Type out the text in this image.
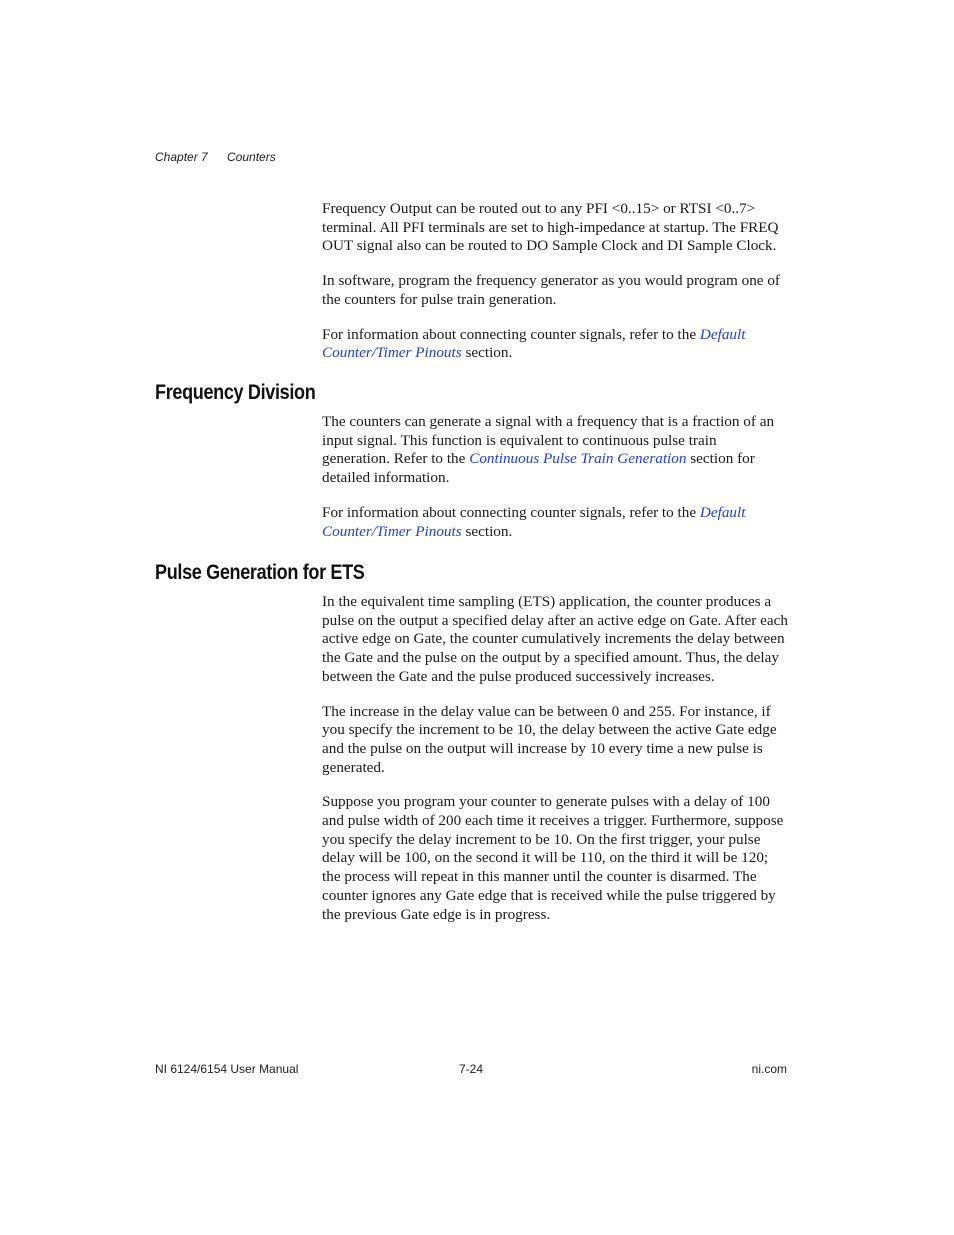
Chapter 7 Counters

Frequency Output can be routed out to any PFI <0..15> or RTSI <0..7> terminal. All PFI terminals are set to high-impedance at startup. The FREQ OUT signal also can be routed to DO Sample Clock and DI Sample Clock.

In software, program the frequency generator as you would program one of the counters for pulse train generation.

For information about connecting counter signals, refer to the Default Counter/Timer Pinouts section.

Frequency Division

The counters can generate a signal with a frequency that is a fraction of an input signal. This function is equivalent to continuous pulse train generation. Refer to the Continuous Pulse Train Generation section for detailed information.

For information about connecting counter signals, refer to the Default Counter/Timer Pinouts section.

Pulse Generation for ETS

In the equivalent time sampling (ETS) application, the counter produces a pulse on the output a specified delay after an active edge on Gate. After each active edge on Gate, the counter cumulatively increments the delay between the Gate and the pulse on the output by a specified amount. Thus, the delay between the Gate and the pulse produced successively increases.

The increase in the delay value can be between 0 and 255. For instance, if you specify the increment to be 10, the delay between the active Gate edge and the pulse on the output will increase by 10 every time a new pulse is generated.

Suppose you program your counter to generate pulses with a delay of 100 and pulse width of 200 each time it receives a trigger. Furthermore, suppose you specify the delay increment to be 10. On the first trigger, your pulse delay will be 100, on the second it will be 110, on the third it will be 120; the process will repeat in this manner until the counter is disarmed. The counter ignores any Gate edge that is received while the pulse triggered by the previous Gate edge is in progress.

NI 6124/6154 User Manual	7-24	ni.com
